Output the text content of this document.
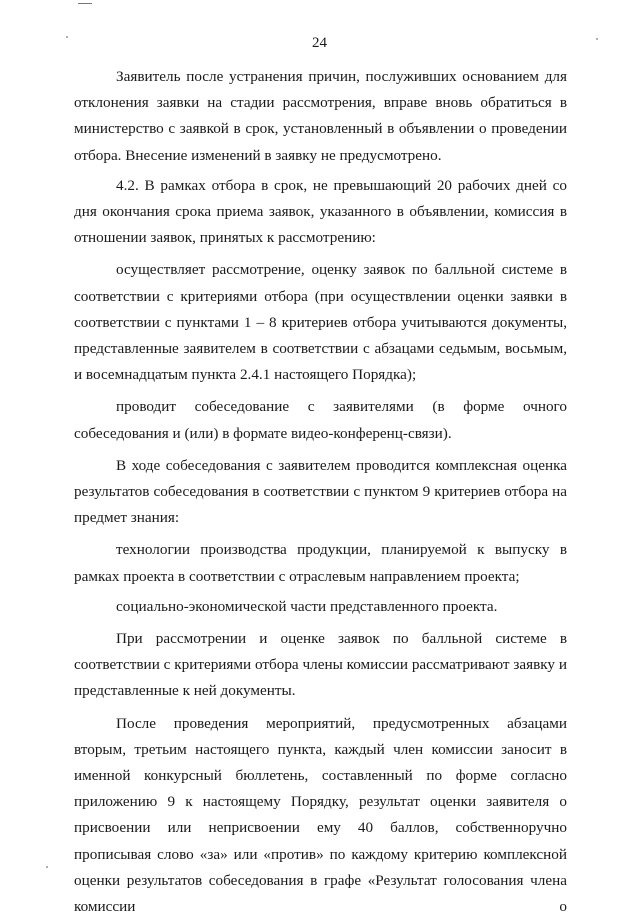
24

Заявитель после устранения причин, послуживших основанием для отклонения заявки на стадии рассмотрения, вправе вновь обратиться в министерство с заявкой в срок, установленный в объявлении о проведении отбора. Внесение изменений в заявку не предусмотрено.

4.2. В рамках отбора в срок, не превышающий 20 рабочих дней со дня окончания срока приема заявок, указанного в объявлении, комиссия в отношении заявок, принятых к рассмотрению:

осуществляет рассмотрение, оценку заявок по балльной системе в соответствии с критериями отбора (при осуществлении оценки заявки в соответствии с пунктами 1 – 8 критериев отбора учитываются документы, представленные заявителем в соответствии с абзацами седьмым, восьмым, и восемнадцатым пункта 2.4.1 настоящего Порядка);

проводит собеседование с заявителями (в форме очного собеседования и (или) в формате видео-конференц-связи).

В ходе собеседования с заявителем проводится комплексная оценка результатов собеседования в соответствии с пунктом 9 критериев отбора на предмет знания:

технологии производства продукции, планируемой к выпуску в рамках проекта в соответствии с отраслевым направлением проекта;

социально-экономической части представленного проекта.

При рассмотрении и оценке заявок по балльной системе в соответствии с критериями отбора члены комиссии рассматривают заявку и представленные к ней документы.

После проведения мероприятий, предусмотренных абзацами вторым, третьим настоящего пункта, каждый член комиссии заносит в именной конкурсный бюллетень, составленный по форме согласно приложению 9 к настоящему Порядку, результат оценки заявителя о присвоении или неприсвоении ему 40 баллов, собственноручно прописывая слово «за» или «против» по каждому критерию комплексной оценки результатов собеседования в графе «Результат голосования члена комиссии о
